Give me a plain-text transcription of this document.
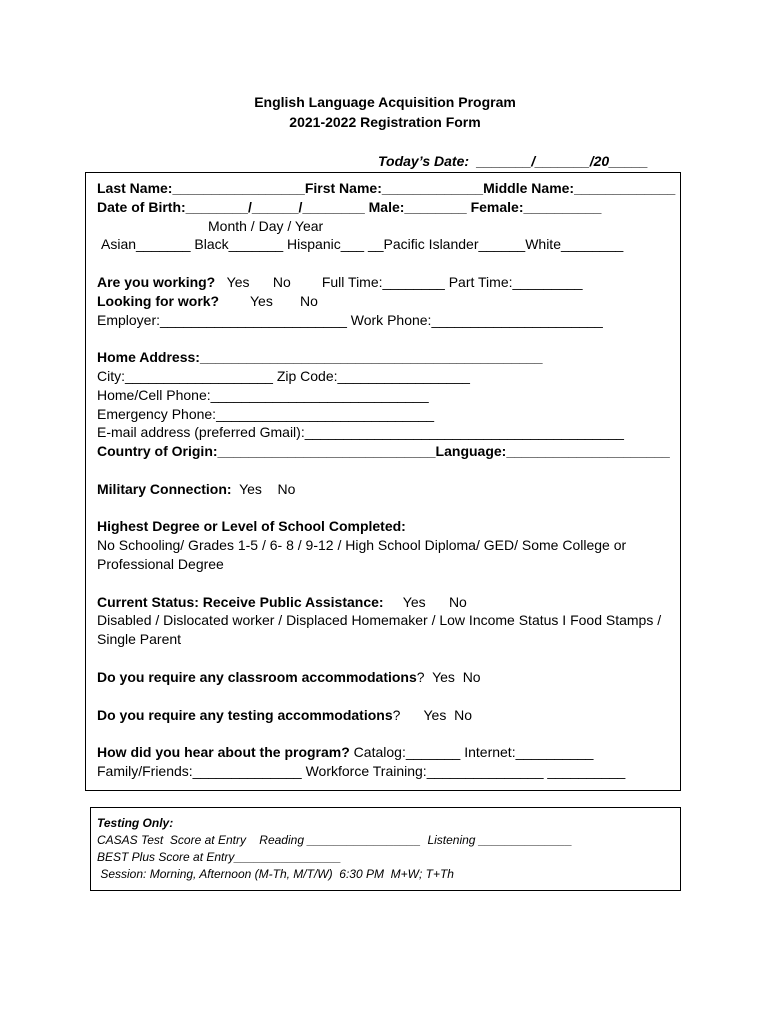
English Language Acquisition Program
2021-2022 Registration Form
Today’s Date:  _______/_______/20_____
Last Name:_________________First Name:_____________Middle Name:_____________
Date of Birth:________/______/________ Male:________ Female:__________
Month / Day / Year
Asian_______ Black_______ Hispanic___ __Pacific Islander______White________
Are you working?   Yes      No        Full Time:________ Part Time:_________
Looking for work?        Yes       No
Employer:________________________ Work Phone:______________________
Home Address:____________________________________________
City:___________________ Zip Code:_________________
Home/Cell Phone:____________________________
Emergency Phone:____________________________
E-mail address (preferred Gmail):_________________________________________
Country of Origin:____________________________Language:_____________________
Military Connection:  Yes    No
Highest Degree or Level of School Completed:
No Schooling/ Grades 1-5 / 6- 8 / 9-12 / High School Diploma/ GED/ Some College or
Professional Degree
Current Status: Receive Public Assistance:     Yes      No
Disabled / Dislocated worker / Displaced Homemaker / Low Income Status I Food Stamps /
Single Parent
Do you require any classroom accommodations?  Yes  No
Do you require any testing accommodations?      Yes  No
How did you hear about the program? Catalog:_______ Internet:__________
Family/Friends:______________ Workforce Training:_______________ __________
Testing Only:
CASAS Test  Score at Entry    Reading _________________  Listening ______________
BEST Plus Score at Entry________________
Session: Morning, Afternoon (M-Th, M/T/W)  6:30 PM  M+W; T+Th
